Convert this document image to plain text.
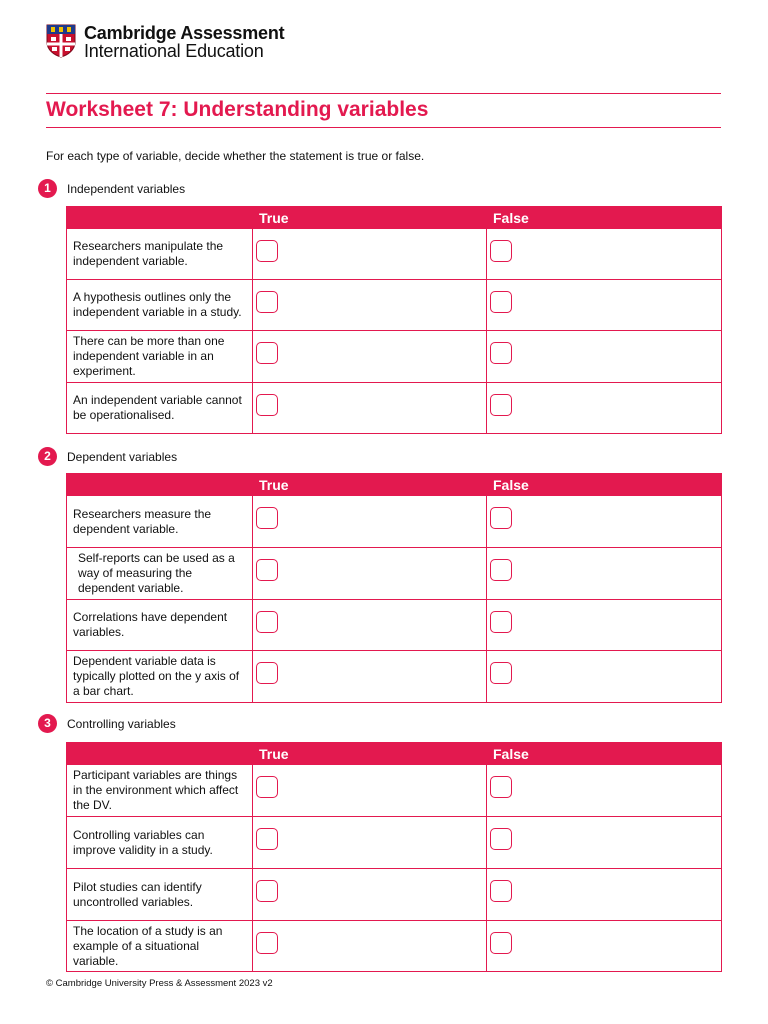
Cambridge Assessment
International Education
Worksheet 7: Understanding variables
For each type of variable, decide whether the statement is true or false.
1	Independent variables
	True	False
Researchers manipulate the independent variable.	

A hypothesis outlines only the independent variable in a study.	

There can be more than one independent variable in an experiment.	

An independent variable cannot be operationalised.	

2	Dependent variables
	True	False
Researchers measure the dependent variable.	

Self-reports can be used as a way of measuring the dependent variable.	

Correlations have dependent variables.	

Dependent variable data is typically plotted on the y axis of a bar chart.	

3	Controlling variables
	True	False
Participant variables are things in the environment which affect the DV.	

Controlling variables can improve validity in a study.	

Pilot studies can identify uncontrolled variables.	

The location of a study is an example of a situational variable.	

© Cambridge University Press & Assessment 2023 v2
